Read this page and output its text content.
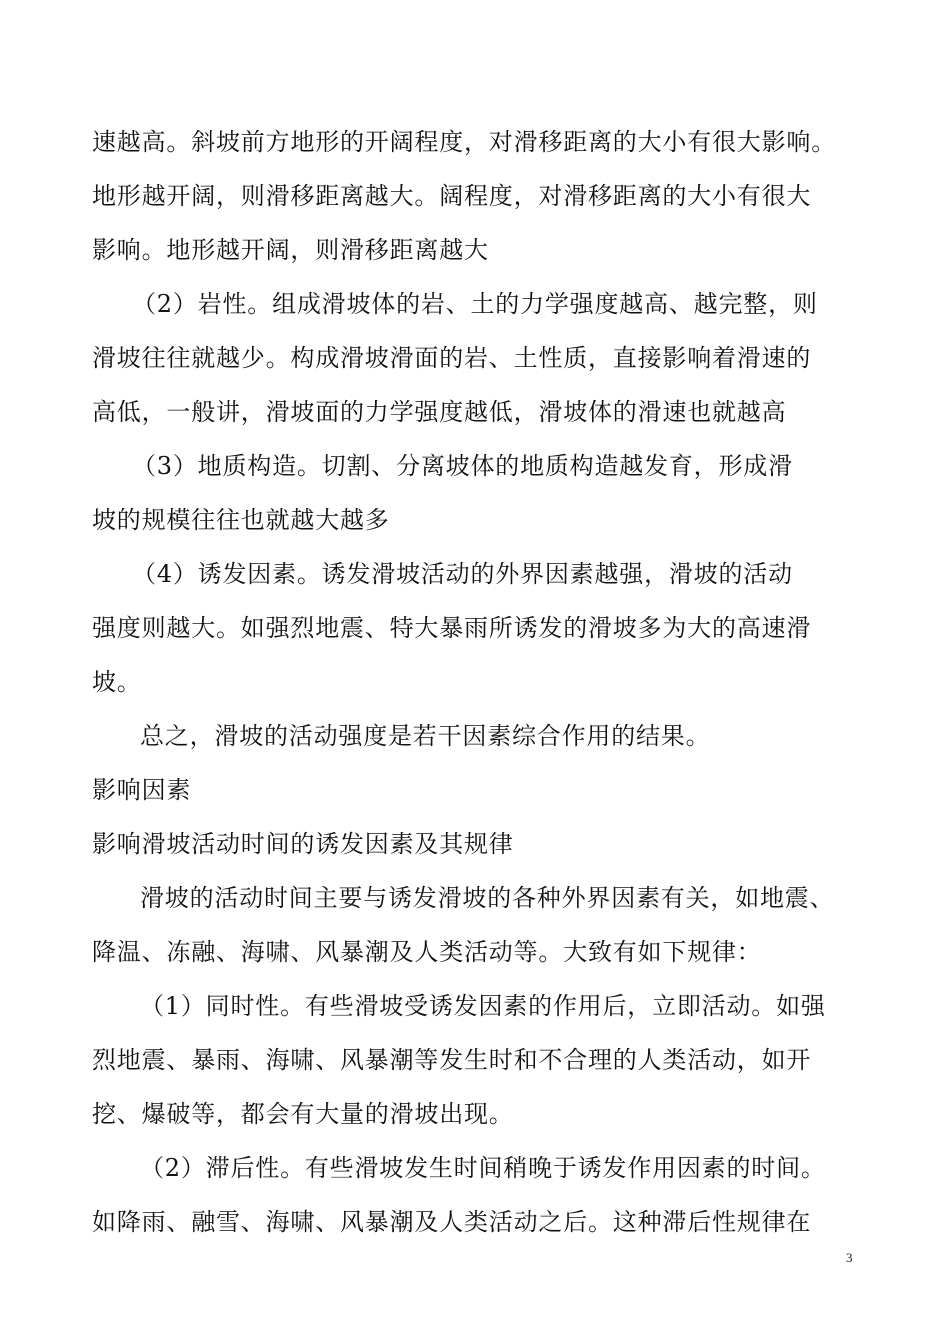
速越高。斜坡前方地形的开阔程度，对滑移距离的大小有很大影响。
地形越开阔，则滑移距离越大。阔程度，对滑移距离的大小有很大
影响。地形越开阔，则滑移距离越大
（2）岩性。组成滑坡体的岩、土的力学强度越高、越完整，则
滑坡往往就越少。构成滑坡滑面的岩、土性质，直接影响着滑速的
高低，一般讲，滑坡面的力学强度越低，滑坡体的滑速也就越高
（3）地质构造。切割、分离坡体的地质构造越发育，形成滑
坡的规模往往也就越大越多
（4）诱发因素。诱发滑坡活动的外界因素越强，滑坡的活动
强度则越大。如强烈地震、特大暴雨所诱发的滑坡多为大的高速滑
坡。
总之，滑坡的活动强度是若干因素综合作用的结果。
影响因素
影响滑坡活动时间的诱发因素及其规律
滑坡的活动时间主要与诱发滑坡的各种外界因素有关，如地震、
降温、冻融、海啸、风暴潮及人类活动等。大致有如下规律：
（1）同时性。有些滑坡受诱发因素的作用后，立即活动。如强
烈地震、暴雨、海啸、风暴潮等发生时和不合理的人类活动，如开
挖、爆破等，都会有大量的滑坡出现。
（2）滞后性。有些滑坡发生时间稍晚于诱发作用因素的时间。
如降雨、融雪、海啸、风暴潮及人类活动之后。这种滞后性规律在
3
